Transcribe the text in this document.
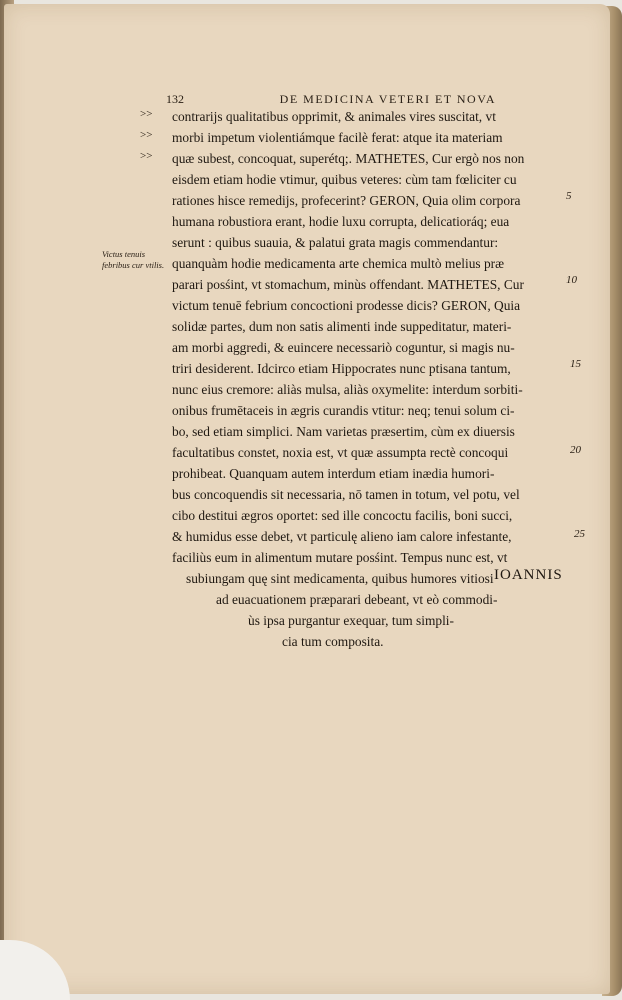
132	DE MEDICINA VETERI ET NOVA
Victus tenuis febribus cur vtilis.
>>
>>
>>
5
10
15
20
25
contrarijs qualitatibus opprimit, & animales vires suscitat, vt
morbi impetum violentiámque facilè ferat: atque ita materiam
quæ subest, concoquat, superétq;. MATHETES, Cur ergò nos non
eisdem etiam hodie vtimur, quibus veteres: cùm tam fœliciter cu
rationes hisce remedijs, profecerint? GERON, Quia olim corpora
humana robustiora erant, hodie luxu corrupta, delicatioráq; eua
serunt : quibus suauia, & palatui grata magis commendantur:
quanquàm hodie medicamenta arte chemica multò melius præ
parari posśint, vt stomachum, minùs offendant. MATHETES, Cur
victum tenuē febrium concoctioni prodesse dicis? GERON, Quia
solidæ partes, dum non satis alimenti inde suppeditatur, materi-
am morbi aggredi, & euincere necessariò coguntur, si magis nu-
triri desiderent. Idcirco etiam Hippocrates nunc ptisana tantum,
nunc eius cremore: aliàs mulsa, aliàs oxymelite: interdum sorbiti-
onibus frumētaceis in ægris curandis vtitur: neq; tenui solum ci-
bo, sed etiam simplici. Nam varietas præsertim, cùm ex diuersis
facultatibus constet, noxia est, vt quæ assumpta rectè concoqui
prohibeat. Quanquam autem interdum etiam inædia humori-
bus concoquendis sit necessaria, nō tamen in totum, vel potu, vel
cibo destitui ægros oportet: sed ille concoctu facilis, boni succi,
& humidus esse debet, vt particulę alieno iam calore infestante,
faciliùs eum in alimentum mutare posśint. Tempus nunc est, vt
subiungam quę sint medicamenta, quibus humores vitiosi
ad euacuationem præparari debeant, vt eò commodi-
ùs ipsa purgantur exequar, tum simpli-
cia tum composita.
IOANNIS
